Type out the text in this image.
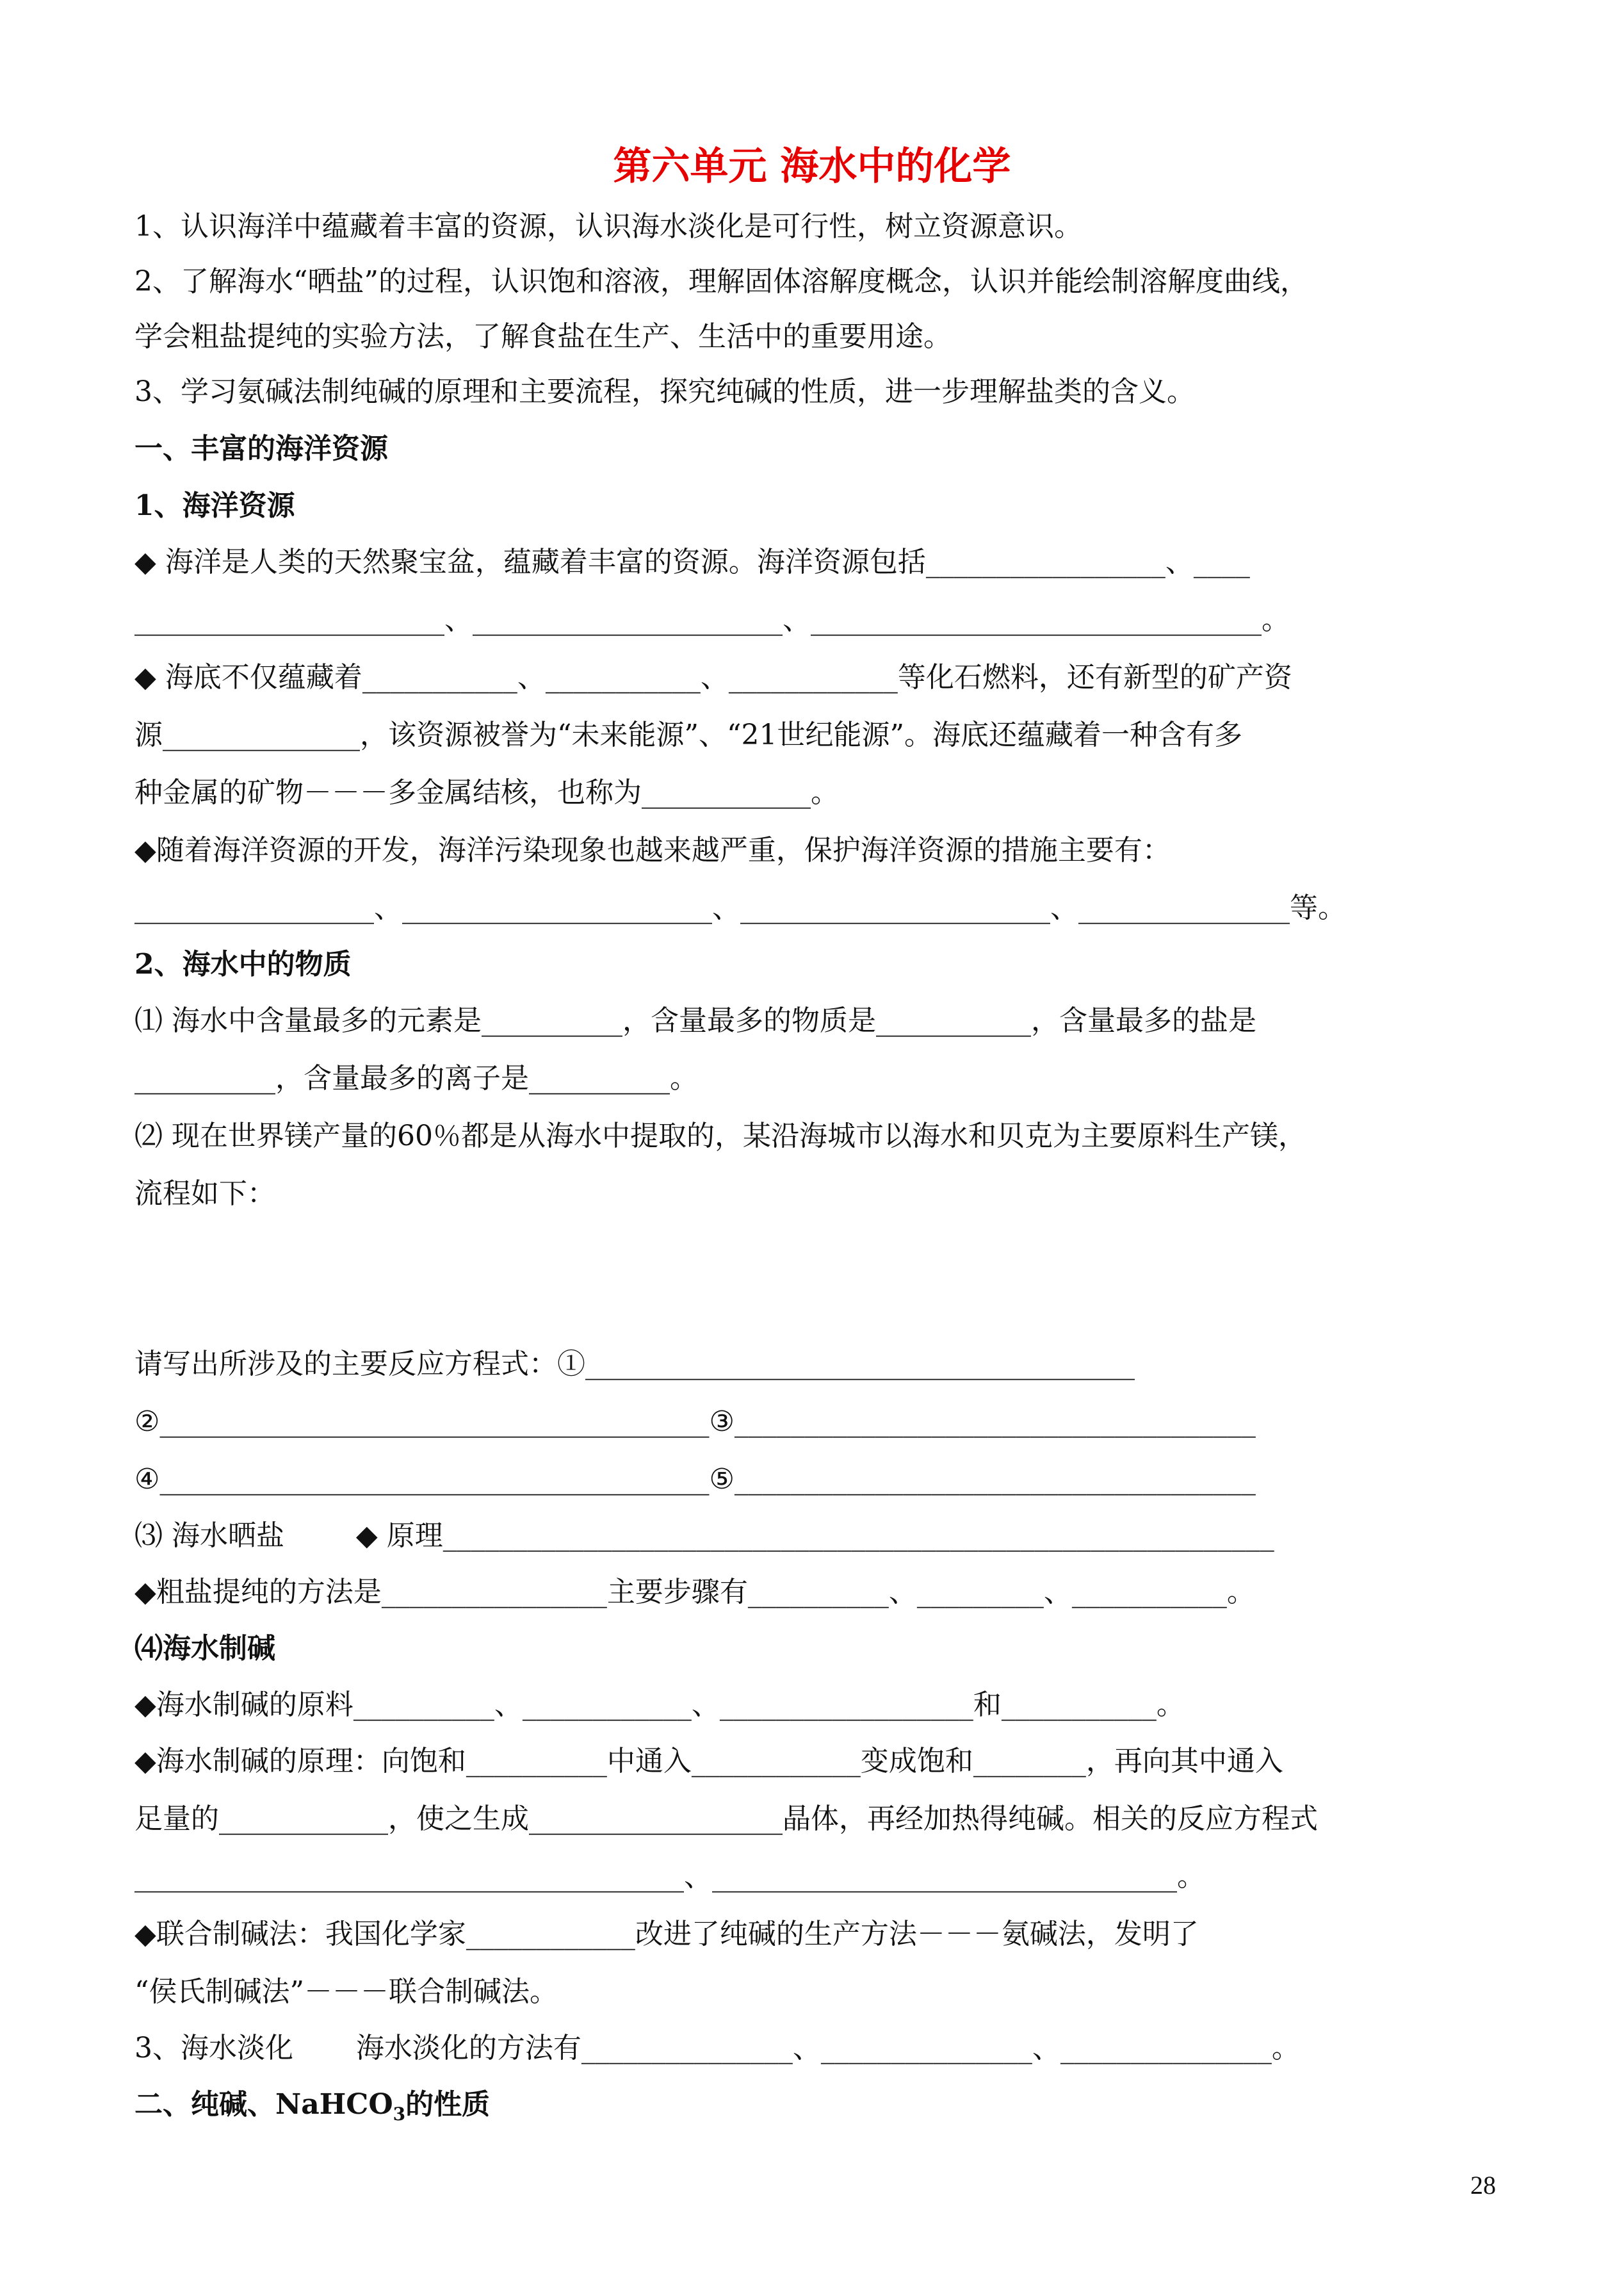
第六单元 海水中的化学
1、认识海洋中蕴藏着丰富的资源，认识海水淡化是可行性，树立资源意识。
2、了解海水“晒盐”的过程，认识饱和溶液，理解固体溶解度概念，认识并能绘制溶解度曲线，
学会粗盐提纯的实验方法，了解食盐在生产、生活中的重要用途。
3、学习氨碱法制纯碱的原理和主要流程，探究纯碱的性质，进一步理解盐类的含义。
一、丰富的海洋资源
1、海洋资源
◆ 海洋是人类的天然聚宝盆，蕴藏着丰富的资源。海洋资源包括_________________、____
______________________、______________________、________________________________。
◆ 海底不仅蕴藏着___________、___________、____________等化石燃料，还有新型的矿产资
源______________，该资源被誉为“未来能源”、“21世纪能源”。海底还蕴藏着一种含有多
种金属的矿物－－－多金属结核，也称为____________。
◆随着海洋资源的开发，海洋污染现象也越来越严重，保护海洋资源的措施主要有：
_________________、______________________、______________________、_______________等。
2、海水中的物质
⑴ 海水中含量最多的元素是__________，含量最多的物质是___________，含量最多的盐是
__________，含量最多的离子是__________。
⑵ 现在世界镁产量的60％都是从海水中提取的，某沿海城市以海水和贝克为主要原料生产镁，
流程如下：
请写出所涉及的主要反应方程式：①_______________________________________
②_______________________________________③_____________________________________
④_______________________________________⑤_____________________________________
⑶ 海水晒盐        ◆ 原理___________________________________________________________
◆粗盐提纯的方法是________________主要步骤有__________、_________、___________。
⑷海水制碱
◆海水制碱的原料__________、____________、__________________和___________。
◆海水制碱的原理：向饱和__________中通入____________变成饱和________，再向其中通入
足量的____________，使之生成__________________晶体，再经加热得纯碱。相关的反应方程式
_______________________________________、_________________________________。
◆联合制碱法：我国化学家____________改进了纯碱的生产方法－－－氨碱法，发明了
“侯氏制碱法”－－－联合制碱法。
3、海水淡化       海水淡化的方法有_______________、_______________、_______________。
二、纯碱、NaHCO$_3$的性质
28
